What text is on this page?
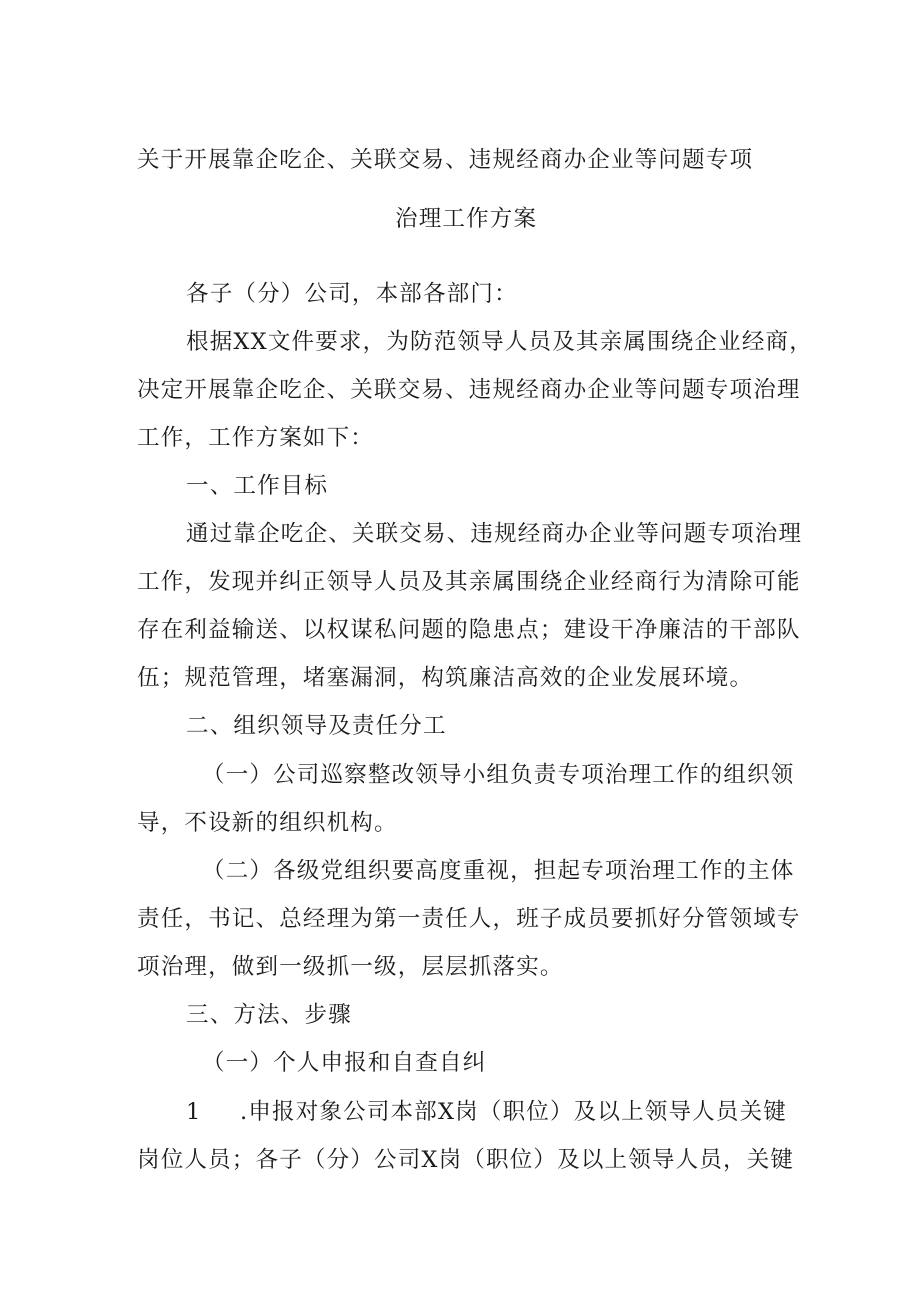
关于开展靠企吃企、关联交易、违规经商办企业等问题专项
治理工作方案
各子（分）公司，本部各部门：
根据XX文件要求，为防范领导人员及其亲属围绕企业经商，
决定开展靠企吃企、关联交易、违规经商办企业等问题专项治理
工作，工作方案如下：
一、工作目标
通过靠企吃企、关联交易、违规经商办企业等问题专项治理
工作，发现并纠正领导人员及其亲属围绕企业经商行为清除可能
存在利益输送、以权谋私问题的隐患点；建设干净廉洁的干部队
伍；规范管理，堵塞漏洞，构筑廉洁高效的企业发展环境。
二、组织领导及责任分工
（一）公司巡察整改领导小组负责专项治理工作的组织领
导，不设新的组织机构。
（二）各级党组织要高度重视，担起专项治理工作的主体
责任，书记、总经理为第一责任人，班子成员要抓好分管领域专
项治理，做到一级抓一级，层层抓落实。
三、方法、步骤
（一）个人申报和自查自纠
1 .申报对象公司本部X岗（职位）及以上领导人员关键
岗位人员；各子（分）公司X岗（职位）及以上领导人员，关键
